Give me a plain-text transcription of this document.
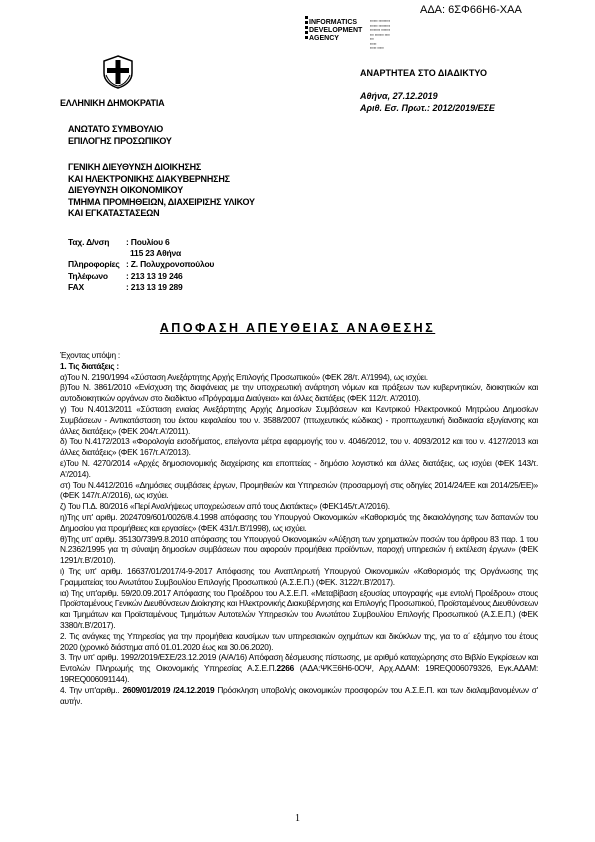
ΑΔΑ: 6ΣΦ66Η6-ΧΑΑ
INFORMATICS
DEVELOPMENT
AGENCY
▪▪▪▪▪▪ ▪▪▪▪▪▪▪▪▪
▪▪▪▪▪▪ ▪▪▪▪▪▪▪▪▪
▪▪▪▪▪▪▪▪ ▪▪▪▪▪▪▪
▪▪▪ ▪▪▪▪▪▪▪ ▪▪▪▪
▪▪▪
▪▪▪▪▪
▪▪▪▪▪ ▪▪▪▪▪
ΕΛΛΗΝΙΚΗ ΔΗΜΟΚΡΑΤΙΑ
ΑΝΑΡΤΗΤΕΑ ΣΤΟ ΔΙΑΔΙΚΤΥΟ
Αθήνα, 27.12.2019
Αριθ. Εσ. Πρωτ.: 2012/2019/ΕΣΕ
ΑΝΩΤΑΤΟ ΣΥΜΒΟΥΛΙΟ
ΕΠΙΛΟΓΗΣ ΠΡΟΣΩΠΙΚΟΥ
ΓΕΝΙΚΗ ΔΙΕΥΘΥΝΣΗ ΔΙΟΙΚΗΣΗΣ
ΚΑΙ ΗΛΕΚΤΡΟΝΙΚΗΣ ΔΙΑΚΥΒΕΡΝΗΣΗΣ
ΔΙΕΥΘΥΝΣΗ ΟΙΚΟΝΟΜΙΚΟΥ
ΤΜΗΜΑ ΠΡΟΜΗΘΕΙΩΝ, ΔΙΑΧΕΙΡΙΣΗΣ ΥΛΙΚΟΥ
ΚΑΙ ΕΓΚΑΤΑΣΤΑΣΕΩΝ
Ταχ. Δ/νση	: Πουλίου 6
	115 23 Αθήνα
Πληροφορίες	: Ζ. Πολυχρονοπούλου
Τηλέφωνο	: 213 13 19 246
FAX	: 213 13 19 289
ΑΠΟΦΑΣΗ ΑΠΕΥΘΕΙΑΣ ΑΝΑΘΕΣΗΣ

Έχοντας υπόψη :

1. Τις διατάξεις :

α)Του Ν. 2190/1994 «Σύσταση Ανεξάρτητης Αρχής Επιλογής Προσωπικού» (ΦΕΚ 28/τ. Α'/1994), ως ισχύει.

β)Του Ν. 3861/2010 «Ενίσχυση της διαφάνειας με την υποχρεωτική ανάρτηση νόμων και πράξεων των κυβερνητικών, διοικητικών και αυτοδιοικητικών οργάνων στο διαδίκτυο «Πρόγραμμα Διαύγεια» και άλλες διατάξεις (ΦΕΚ 112/τ. Α'/2010).

γ) Του Ν.4013/2011 «Σύσταση ενιαίας Ανεξάρτητης Αρχής Δημοσίων Συμβάσεων και Κεντρικού Ηλεκτρονικού Μητρώου Δημοσίων Συμβάσεων - Αντικατάσταση του έκτου κεφαλαίου του ν. 3588/2007 (πτωχευτικός κώδικας) - προπτωχευτική διαδικασία εξυγίανσης και άλλες διατάξεις» (ΦΕΚ 204/τ.Α'/2011).

δ) Του Ν.4172/2013 «Φορολογία εισοδήματος, επείγοντα μέτρα εφαρμογής του ν. 4046/2012, του ν. 4093/2012 και του ν. 4127/2013 και άλλες διατάξεις» (ΦΕΚ 167/τ.Α'/2013).

ε)Του Ν. 4270/2014 «Αρχές δημοσιονομικής διαχείρισης και εποπτείας - δημόσιο λογιστικό και άλλες διατάξεις, ως ισχύει (ΦΕΚ 143/τ. Α'/2014).

στ) Του Ν.4412/2016 «Δημόσιες συμβάσεις έργων, Προμηθειών και Υπηρεσιών (προσαρμογή στις οδηγίες 2014/24/ΕΕ και 2014/25/ΕΕ)» (ΦΕΚ 147/τ.Α'/2016), ως ισχύει.

ζ) Του Π.Δ. 80/2016 «Περί Αναλήψεως υποχρεώσεων από τους Διατάκτες» (ΦΕΚ145/τ.Α'/2016).

η)Της υπ' αριθμ. 2024709/601/0026/8.4.1998 απόφασης του Υπουργού Οικονομικών «Καθορισμός της δικαιολόγησης των δαπανών του Δημοσίου για προμήθειες και εργασίες» (ΦΕΚ 431/τ.Β'/1998), ως ισχύει.

θ)Της υπ' αριθμ. 35130/739/9.8.2010 απόφασης του Υπουργού Οικονομικών «Αύξηση των χρηματικών ποσών του άρθρου 83 παρ. 1 του Ν.2362/1995 για τη σύναψη δημοσίων συμβάσεων που αφορούν προμήθεια προϊόντων, παροχή υπηρεσιών ή εκτέλεση έργων» (ΦΕΚ 1291/τ.Β'/2010).

ι) Της υπ' αριθμ. 16637/01/2017/4-9-2017 Απόφασης του Αναπληρωτή Υπουργού Οικονομικών «Καθορισμός της Οργάνωσης της Γραμματείας του Ανωτάτου Συμβουλίου Επιλογής Προσωπικού (Α.Σ.Ε.Π.) (ΦΕΚ. 3122/τ.Β'/2017).

ια) Της υπ'αριθμ. 59/20.09.2017 Απόφασης του Προέδρου του Α.Σ.Ε.Π. «Μεταβίβαση εξουσίας υπογραφής «με εντολή Προέδρου» στους Προϊσταμένους Γενικών Διευθύνσεων Διοίκησης και Ηλεκτρονικής Διακυβέρνησης και Επιλογής Προσωπικού, Προϊσταμένους Διευθύνσεων και Τμημάτων και Προϊσταμένους Τμημάτων Αυτοτελών Υπηρεσιών του Ανωτάτου Συμβουλίου Επιλογής Προσωπικού (Α.Σ.Ε.Π.) (ΦΕΚ 3380/τ.Β'/2017).

2. Τις ανάγκες της Υπηρεσίας για την προμήθεια καυσίμων των υπηρεσιακών οχημάτων και δικύκλων της, για το α΄ εξάμηνο του έτους 2020 (χρονικό διάστημα από 01.01.2020 έως και 30.06.2020).

3. Την υπ' αριθμ. 1992/2019/ΕΣΕ/23.12.2019 (Α/Α/16) Απόφαση δέσμευσης πίστωσης, με αριθμό καταχώρησης στο Βιβλίο Εγκρίσεων και Εντολών Πληρωμής της Οικονομικής Υπηρεσίας Α.Σ.Ε.Π.2266 (ΑΔΑ:ΨΚΞ6Η6-0ΟΨ, Αρχ.ΑΔΑΜ: 19REQ006079326, Εγκ.ΑΔΑΜ: 19REQ006091144).

4. Την υπ'αριθμ.. 2609/01/2019 /24.12.2019 Πρόσκληση υποβολής οικονομικών προσφορών του Α.Σ.Ε.Π. και των διαλαμβανομένων σ' αυτήν.

1
